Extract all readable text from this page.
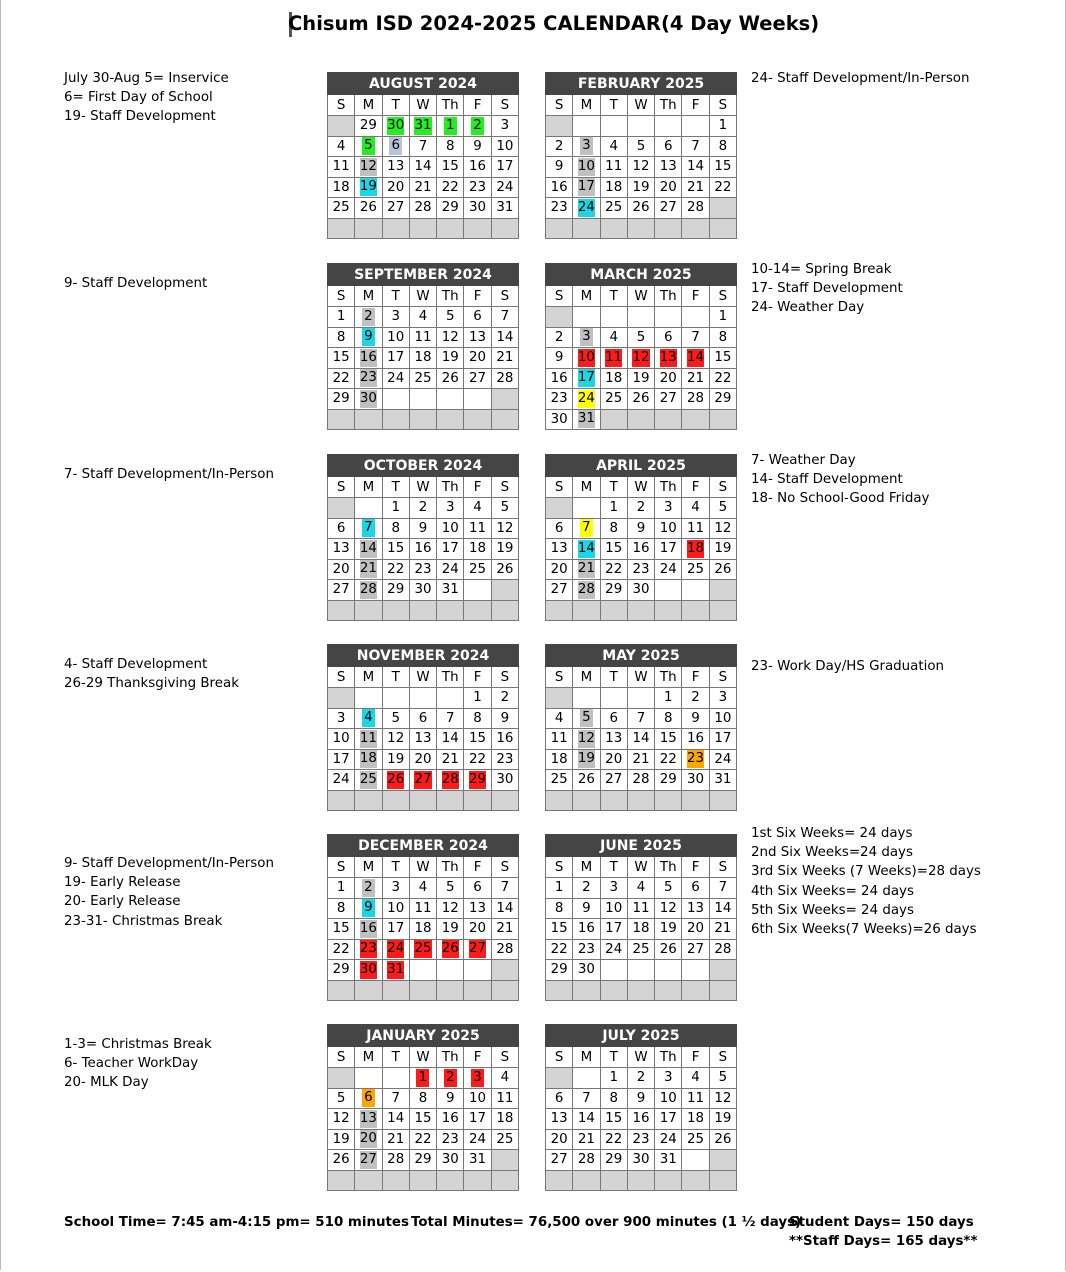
Chisum ISD 2024-2025 CALENDAR(4 Day Weeks)
AUGUST 2024						
S	M	T	W	Th	F	S
	29	30	31	1	2	3
4	5	6	7	8	9	10
11	12	13	14	15	16	17
18	19	20	21	22	23	24
25	26	27	28	29	30	31

FEBRUARY 2025						
S	M	T	W	Th	F	S
						1
2	3	4	5	6	7	8
9	10	11	12	13	14	15
16	17	18	19	20	21	22
23	24	25	26	27	28	

July 30-Aug 5= Inservice
6= First Day of School
19- Staff Development
24- Staff Development/In-Person
SEPTEMBER 2024						
S	M	T	W	Th	F	S
1	2	3	4	5	6	7
8	9	10	11	12	13	14
15	16	17	18	19	20	21
22	23	24	25	26	27	28
29	30					

MARCH 2025						
S	M	T	W	Th	F	S
						1
2	3	4	5	6	7	8
9	10	11	12	13	14	15
16	17	18	19	20	21	22
23	24	25	26	27	28	29
30	31					
9- Staff Development
10-14= Spring Break
17- Staff Development
24- Weather Day
OCTOBER 2024						
S	M	T	W	Th	F	S
		1	2	3	4	5
6	7	8	9	10	11	12
13	14	15	16	17	18	19
20	21	22	23	24	25	26
27	28	29	30	31		

APRIL 2025						
S	M	T	W	Th	F	S
		1	2	3	4	5
6	7	8	9	10	11	12
13	14	15	16	17	18	19
20	21	22	23	24	25	26
27	28	29	30			

7- Staff Development/In-Person
7- Weather Day
14- Staff Development
18- No School-Good Friday
NOVEMBER 2024						
S	M	T	W	Th	F	S
					1	2
3	4	5	6	7	8	9
10	11	12	13	14	15	16
17	18	19	20	21	22	23
24	25	26	27	28	29	30

MAY 2025						
S	M	T	W	Th	F	S
				1	2	3
4	5	6	7	8	9	10
11	12	13	14	15	16	17
18	19	20	21	22	23	24
25	26	27	28	29	30	31

4- Staff Development
26-29 Thanksgiving Break
23- Work Day/HS Graduation
DECEMBER 2024						
S	M	T	W	Th	F	S
1	2	3	4	5	6	7
8	9	10	11	12	13	14
15	16	17	18	19	20	21
22	23	24	25	26	27	28
29	30	31				

JUNE 2025						
S	M	T	W	Th	F	S
1	2	3	4	5	6	7
8	9	10	11	12	13	14
15	16	17	18	19	20	21
22	23	24	25	26	27	28
29	30					

9- Staff Development/In-Person
19- Early Release
20- Early Release
23-31- Christmas Break
1st Six Weeks= 24 days
2nd Six Weeks=24 days
3rd Six Weeks (7 Weeks)=28 days
4th Six Weeks= 24 days
5th Six Weeks= 24 days
6th Six Weeks(7 Weeks)=26 days
JANUARY 2025						
S	M	T	W	Th	F	S
			1	2	3	4
5	6	7	8	9	10	11
12	13	14	15	16	17	18
19	20	21	22	23	24	25
26	27	28	29	30	31	

JULY 2025						
S	M	T	W	Th	F	S
		1	2	3	4	5
6	7	8	9	10	11	12
13	14	15	16	17	18	19
20	21	22	23	24	25	26
27	28	29	30	31		

1-3= Christmas Break
6- Teacher WorkDay
20- MLK Day
School Time= 7:45 am-4:15 pm= 510 minutes Total Minutes= 76,500 over 900 minutes (1 ½ days)
Student Days= 150 days
**Staff Days= 165 days**
